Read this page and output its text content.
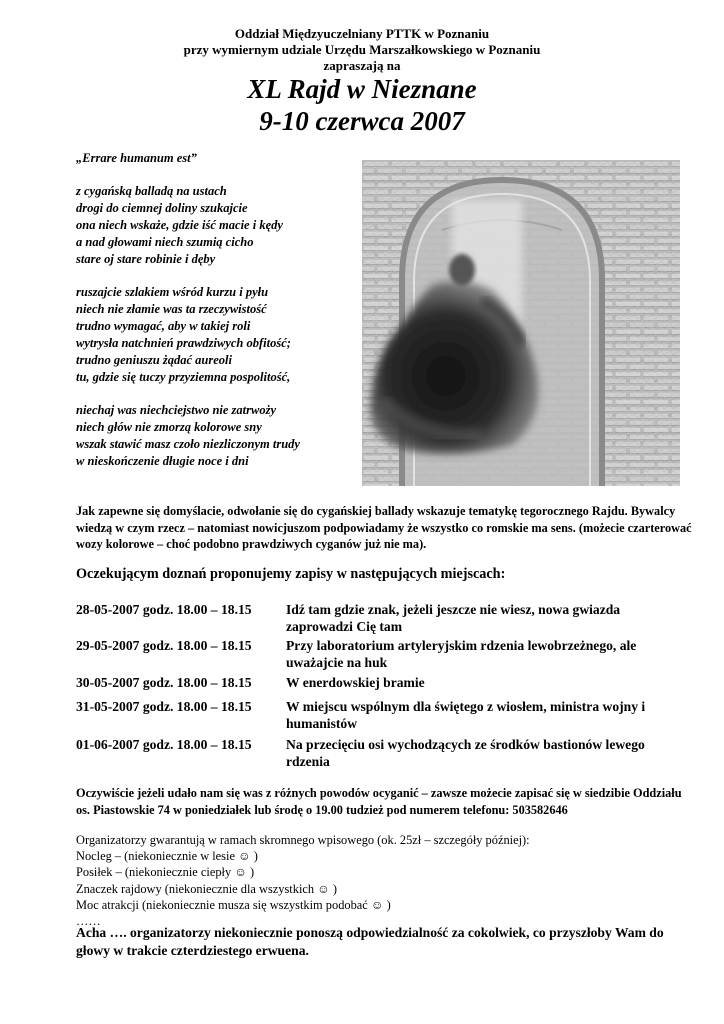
Oddział Międzyuczelniany PTTK w Poznaniu
przy wymiernym udziale Urzędu Marszałkowskiego w Poznaniu
zapraszają na
XL Rajd w Nieznane
9-10 czerwca 2007
„Errare humanum est”
z cygańską balladą na ustach
drogi do ciemnej doliny szukajcie
ona niech wskaże, gdzie iść macie i kędy
a nad głowami niech szumią cicho
stare oj stare robinie i dęby
ruszajcie szlakiem wśród kurzu i pyłu
niech nie złamie was ta rzeczywistość
trudno wymagać, aby w takiej roli
wytrysła natchnień prawdziwych obfitość;
trudno geniuszu żądać aureoli
tu, gdzie się tuczy przyziemna pospolitość,
niechaj was niechciejstwo nie zatrwoży
niech głów nie zmorzą kolorowe sny
wszak stawić masz czoło niezliczonym trudy
w nieskończenie długie noce i dni
Jak zapewne się domyślacie, odwołanie się do cygańskiej ballady wskazuje tematykę tegorocznego Rajdu. Bywalcy wiedzą w czym rzecz – natomiast nowicjuszom podpowiadamy że wszystko co romskie ma sens. (możecie czarterować wozy kolorowe – choć podobno prawdziwych cyganów już nie ma).
Oczekującym doznań proponujemy zapisy w następujących miejscach:
28-05-2007 godz. 18.00 – 18.15	Idź tam gdzie znak, jeżeli jeszcze nie wiesz, nowa gwiazda zaprowadzi Cię tam
29-05-2007 godz. 18.00 – 18.15	Przy laboratorium artyleryjskim rdzenia lewobrzeżnego, ale uważajcie na huk
30-05-2007 godz. 18.00 – 18.15	W enerdowskiej bramie
31-05-2007 godz. 18.00 – 18.15	W miejscu wspólnym dla świętego z wiosłem, ministra wojny i humanistów
01-06-2007 godz. 18.00 – 18.15	Na przecięciu osi wychodzących ze środków bastionów lewego rdzenia
Oczywiście jeżeli udało nam się was z różnych powodów ocyganić – zawsze możecie zapisać się w siedzibie Oddziału os. Piastowskie 74 w poniedziałek lub środę o 19.00 tudzież pod numerem telefonu: 503582646
Organizatorzy gwarantują w ramach skromnego wpisowego (ok. 25zł – szczegóły później):
Nocleg – (niekoniecznie w lesie ☺ )
Posiłek – (niekoniecznie ciepły ☺ )
Znaczek rajdowy (niekoniecznie dla wszystkich ☺ )
Moc atrakcji (niekoniecznie musza się wszystkim podobać ☺ )
……
Acha …. organizatorzy niekoniecznie ponoszą odpowiedzialność za cokolwiek, co przyszłoby Wam do głowy w trakcie czterdziestego erwuena.
